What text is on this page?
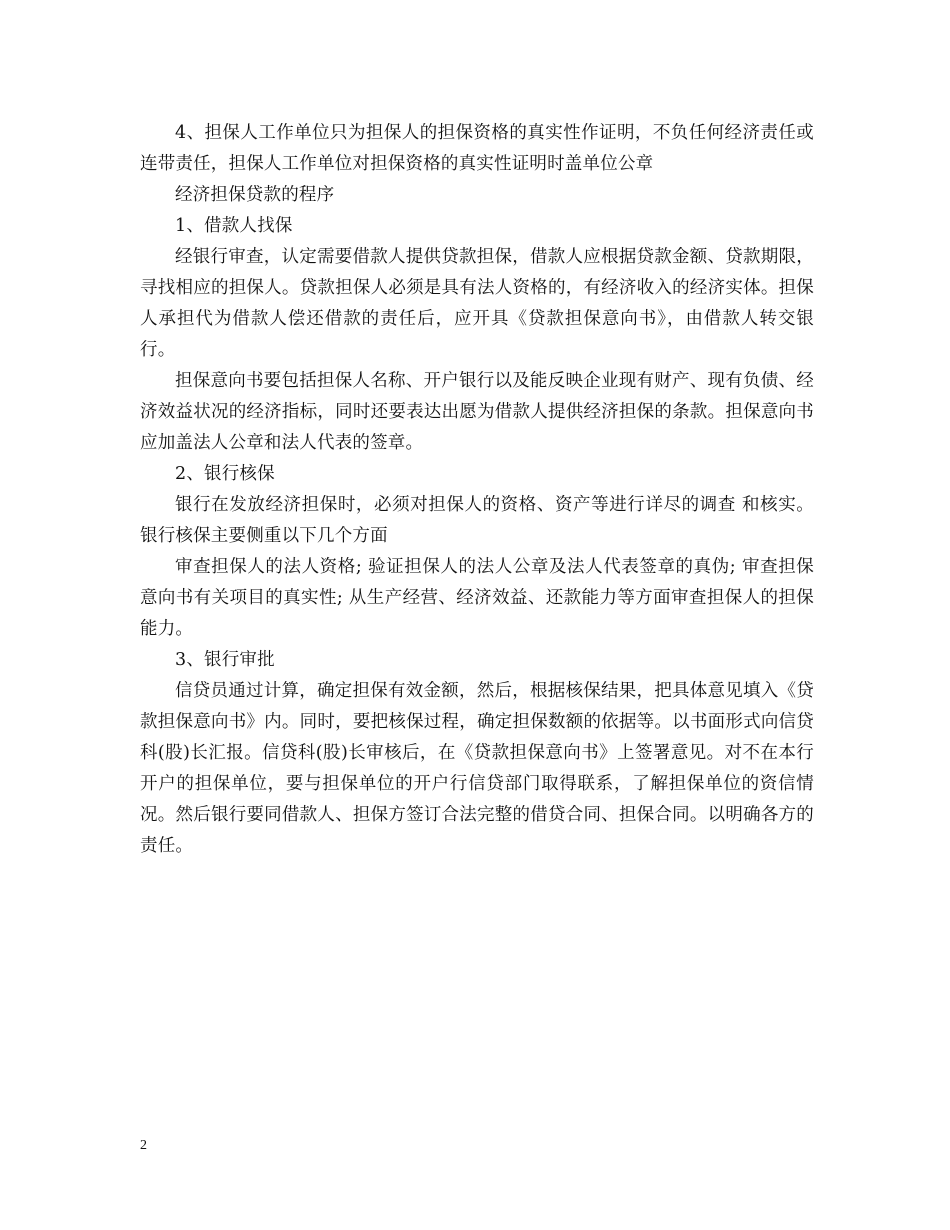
4、担保人工作单位只为担保人的担保资格的真实性作证明，不负任何经济责任或连带责任，担保人工作单位对担保资格的真实性证明时盖单位公章

经济担保贷款的程序

1、借款人找保

经银行审查，认定需要借款人提供贷款担保，借款人应根据贷款金额、贷款期限，寻找相应的担保人。贷款担保人必须是具有法人资格的，有经济收入的经济实体。担保人承担代为借款人偿还借款的责任后，应开具《贷款担保意向书》，由借款人转交银行。

担保意向书要包括担保人名称、开户银行以及能反映企业现有财产、现有负债、经济效益状况的经济指标，同时还要表达出愿为借款人提供经济担保的条款。担保意向书应加盖法人公章和法人代表的签章。

2、银行核保

银行在发放经济担保时，必须对担保人的资格、资产等进行详尽的调查 和核实。银行核保主要侧重以下几个方面

审查担保人的法人资格; 验证担保人的法人公章及法人代表签章的真伪; 审查担保意向书有关项目的真实性; 从生产经营、经济效益、还款能力等方面审查担保人的担保能力。

3、银行审批

信贷员通过计算，确定担保有效金额，然后，根据核保结果，把具体意见填入《贷款担保意向书》内。同时，要把核保过程，确定担保数额的依据等。以书面形式向信贷科(股)长汇报。信贷科(股)长审核后，在《贷款担保意向书》上签署意见。对不在本行开户的担保单位，要与担保单位的开户行信贷部门取得联系，了解担保单位的资信情况。然后银行要同借款人、担保方签订合法完整的借贷合同、担保合同。以明确各方的责任。

2
